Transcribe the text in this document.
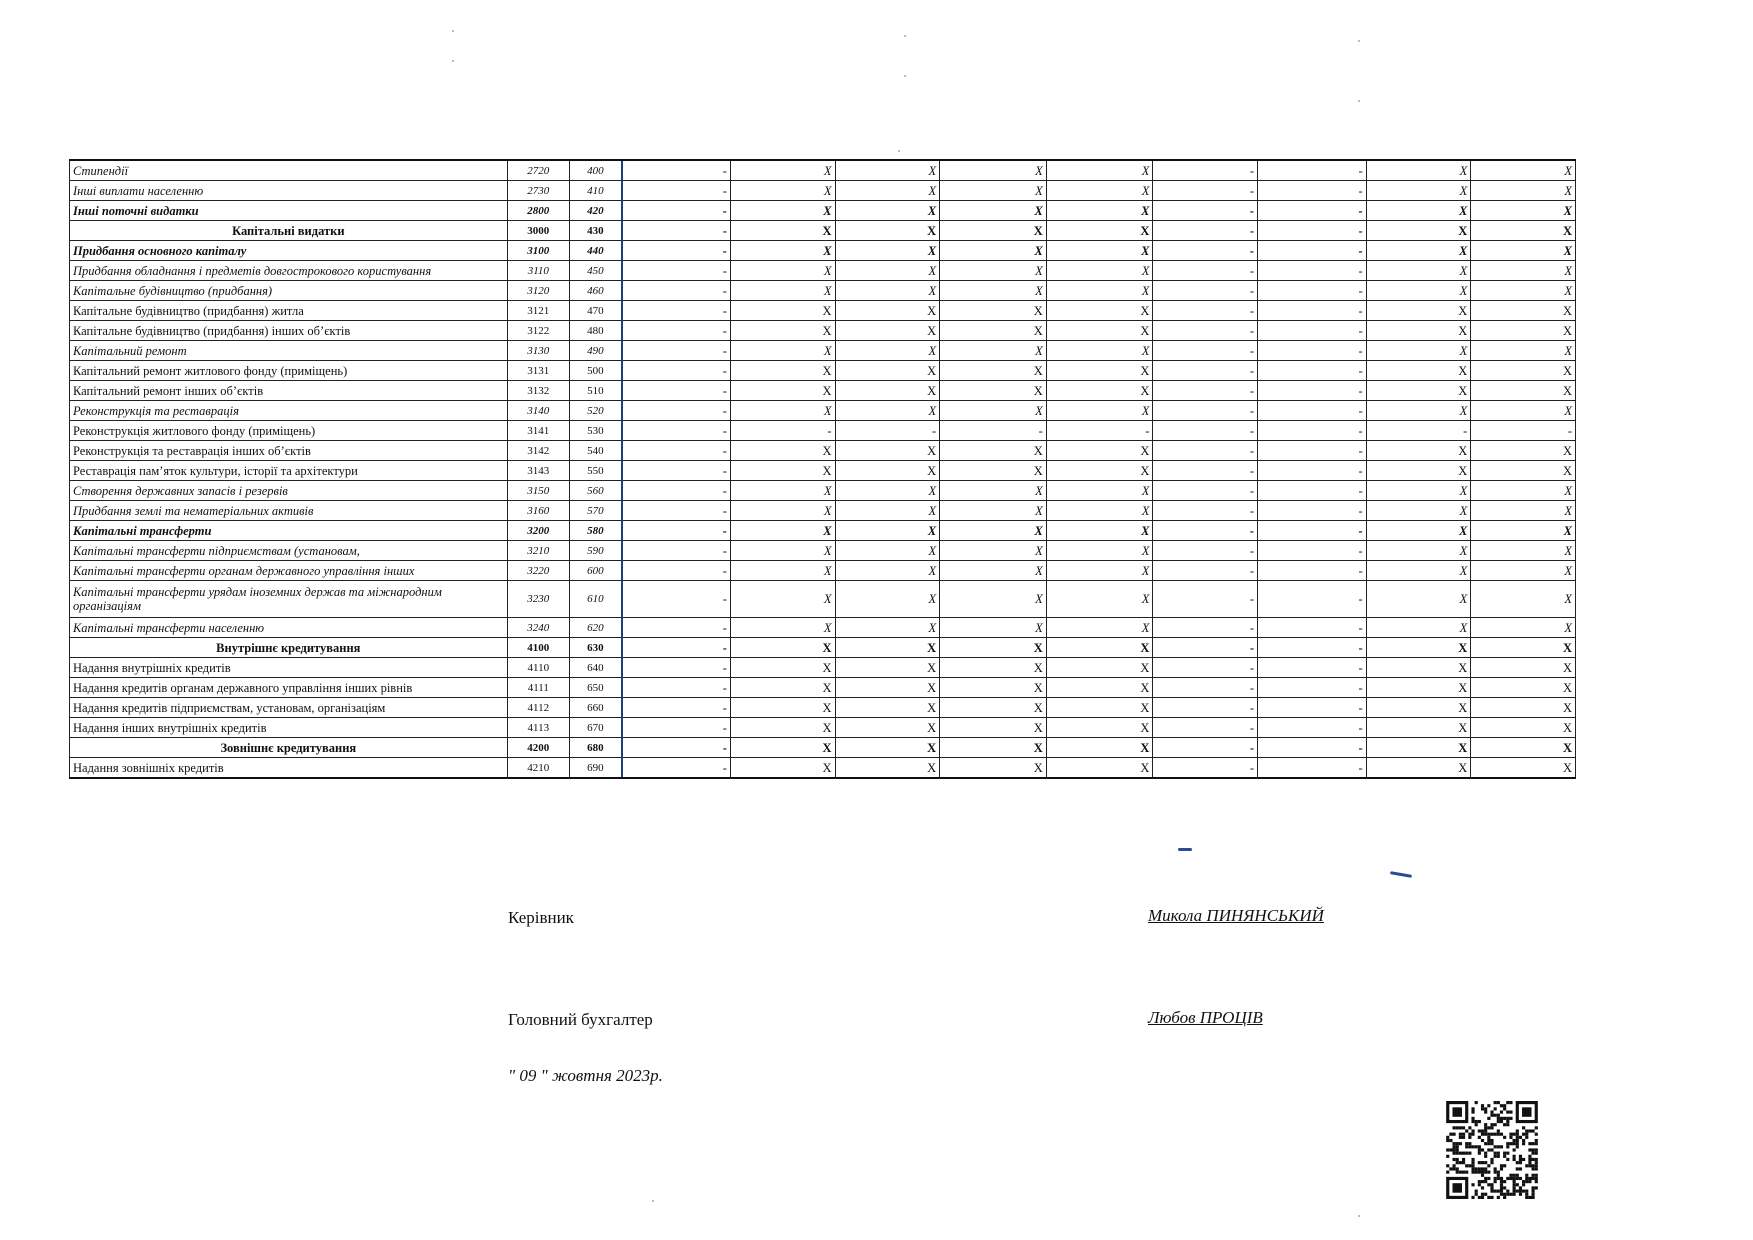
Стипендії	2720	400	-	X	X	X	X	-	-	X	X
Інші виплати населенню	2730	410	-	X	X	X	X	-	-	X	X
Інші поточні видатки	2800	420	-	X	X	X	X	-	-	X	X
Капітальні видатки	3000	430	-	X	X	X	X	-	-	X	X
Придбання основного капіталу	3100	440	-	X	X	X	X	-	-	X	X
Придбання обладнання і предметів довгострокового користування	3110	450	-	X	X	X	X	-	-	X	X
Капітальне будівництво (придбання)	3120	460	-	X	X	X	X	-	-	X	X
Капітальне будівництво (придбання) житла	3121	470	-	X	X	X	X	-	-	X	X
Капітальне будівництво (придбання) інших об’єктів	3122	480	-	X	X	X	X	-	-	X	X
Капітальний ремонт	3130	490	-	X	X	X	X	-	-	X	X
Капітальний ремонт житлового фонду (приміщень)	3131	500	-	X	X	X	X	-	-	X	X
Капітальний ремонт інших об’єктів	3132	510	-	X	X	X	X	-	-	X	X
Реконструкція та реставрація	3140	520	-	X	X	X	X	-	-	X	X
Реконструкція житлового фонду (приміщень)	3141	530	-	-	-	-	-	-	-	-	-
Реконструкція та реставрація інших об’єктів	3142	540	-	X	X	X	X	-	-	X	X
Реставрація пам’яток культури, історії та архітектури	3143	550	-	X	X	X	X	-	-	X	X
Створення державних запасів і резервів	3150	560	-	X	X	X	X	-	-	X	X
Придбання землі та нематеріальних активів	3160	570	-	X	X	X	X	-	-	X	X
Капітальні трансферти	3200	580	-	X	X	X	X	-	-	X	X
Капітальні трансферти підприємствам (установам,	3210	590	-	X	X	X	X	-	-	X	X
Капітальні трансферти органам державного управління інших	3220	600	-	X	X	X	X	-	-	X	X
Капітальні трансферти урядам іноземних держав та міжнародним організаціям	3230	610	-	X	X	X	X	-	-	X	X
Капітальні трансферти населенню	3240	620	-	X	X	X	X	-	-	X	X
Внутрішнє кредитування	4100	630	-	X	X	X	X	-	-	X	X
Надання внутрішніх кредитів	4110	640	-	X	X	X	X	-	-	X	X
Надання кредитів органам державного управління інших рівнів	4111	650	-	X	X	X	X	-	-	X	X
Надання кредитів підприємствам, установам, організаціям	4112	660	-	X	X	X	X	-	-	X	X
Надання інших внутрішніх кредитів	4113	670	-	X	X	X	X	-	-	X	X
Зовнішнє кредитування	4200	680	-	X	X	X	X	-	-	X	X
Надання зовнішніх кредитів	4210	690	-	X	X	X	X	-	-	X	X
Керівник	Микола ПИНЯНСЬКИЙ
Головний бухгалтер	Любов ПРОЦІВ
" 09 " жовтня 2023р.
